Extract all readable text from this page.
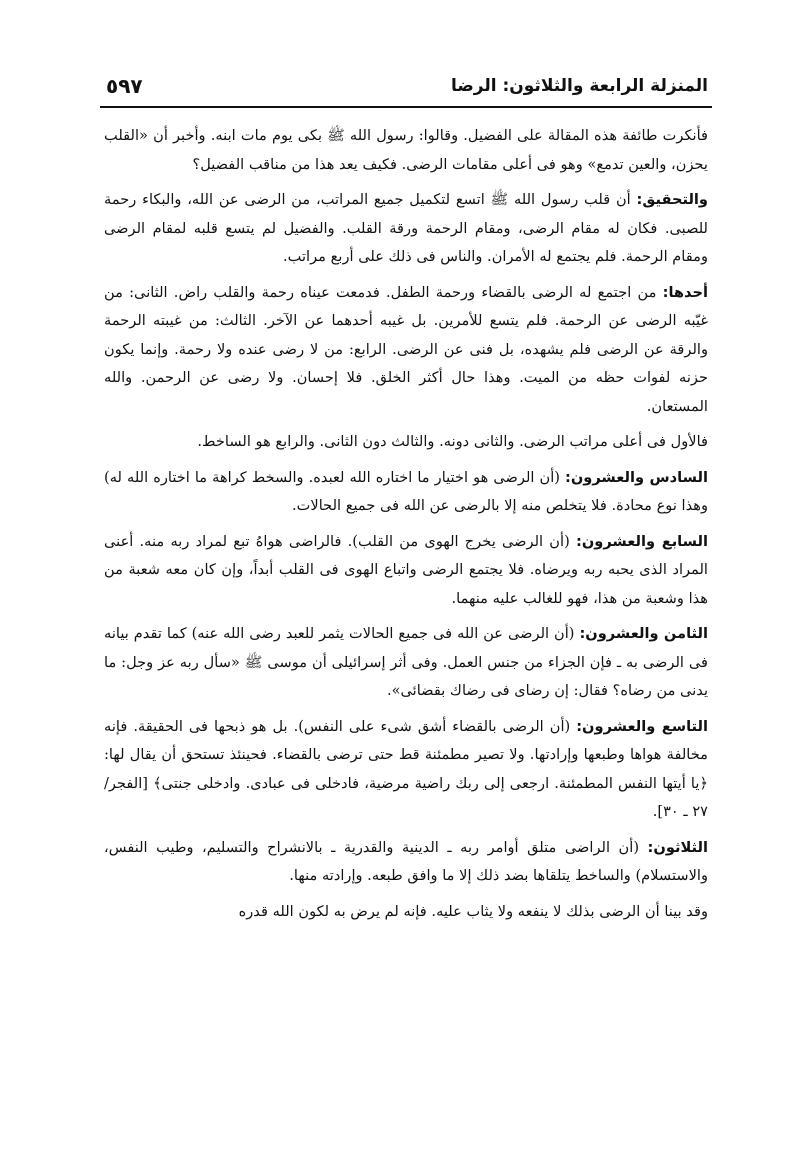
المنزلة الرابعة والثلاثون: الرضا
٥٩٧

فأنكرت طائفة هذه المقالة على الفضيل. وقالوا: رسول الله ﷺ بكى يوم مات ابنه. وأخبر أن «القلب يحزن، والعين تدمع» وهو فى أعلى مقامات الرضى. فكيف يعد هذا من مناقب الفضيل؟

والتحقيق: أن قلب رسول الله ﷺ اتسع لتكميل جميع المراتب، من الرضى عن الله، والبكاء رحمة للصبى. فكان له مقام الرضى، ومقام الرحمة ورقة القلب. والفضيل لم يتسع قلبه لمقام الرضى ومقام الرحمة. فلم يجتمع له الأمران. والناس فى ذلك على أربع مراتب.

أحدها: من اجتمع له الرضى بالقضاء ورحمة الطفل. فدمعت عيناه رحمة والقلب راض. الثانى: من غيّبه الرضى عن الرحمة. فلم يتسع للأمرين. بل غيبه أحدهما عن الآخر. الثالث: من غيبته الرحمة والرقة عن الرضى فلم يشهده، بل فنى عن الرضى. الرابع: من لا رضى عنده ولا رحمة. وإنما يكون حزنه لفوات حظه من الميت. وهذا حال أكثر الخلق. فلا إحسان. ولا رضى عن الرحمن. والله المستعان.

فالأول فى أعلى مراتب الرضى. والثانى دونه. والثالث دون الثانى. والرابع هو الساخط.

السادس والعشرون: (أن الرضى هو اختيار ما اختاره الله لعبده. والسخط كراهة ما اختاره الله له) وهذا نوع محادة. فلا يتخلص منه إلا بالرضى عن الله فى جميع الحالات.

السابع والعشرون: (أن الرضى يخرج الهوى من القلب). فالراضى هواهُ تبع لمراد ربه منه. أعنى المراد الذى يحبه ربه ويرضاه. فلا يجتمع الرضى واتباع الهوى فى القلب أبداً، وإن كان معه شعبة من هذا وشعبة من هذا، فهو للغالب عليه منهما.

الثامن والعشرون: (أن الرضى عن الله فى جميع الحالات يثمر للعبد رضى الله عنه) كما تقدم بيانه فى الرضى به ـ فإن الجزاء من جنس العمل. وفى أثر إسرائيلى أن موسى ﷺ «سأل ربه عز وجل: ما يدنى من رضاه؟ فقال: إن رضاى فى رضاك بقضائى».

التاسع والعشرون: (أن الرضى بالقضاء أشق شىء على النفس). بل هو ذبحها فى الحقيقة. فإنه مخالفة هواها وطبعها وإرادتها. ولا تصير مطمئنة قط حتى ترضى بالقضاء. فحينئذ تستحق أن يقال لها: ﴿يا أيتها النفس المطمئنة. ارجعى إلى ربك راضية مرضية، فادخلى فى عبادى. وادخلى جنتى﴾ [الفجر/ ٢٧ ـ ٣٠].

الثلاثون: (أن الراضى متلق أوامر ربه ـ الدينية والقدرية ـ بالانشراح والتسليم، وطيب النفس، والاستسلام) والساخط يتلقاها بضد ذلك إلا ما وافق طبعه. وإرادته منها.

وقد بينا أن الرضى بذلك لا ينفعه ولا يثاب عليه. فإنه لم يرض به لكون الله قدره
